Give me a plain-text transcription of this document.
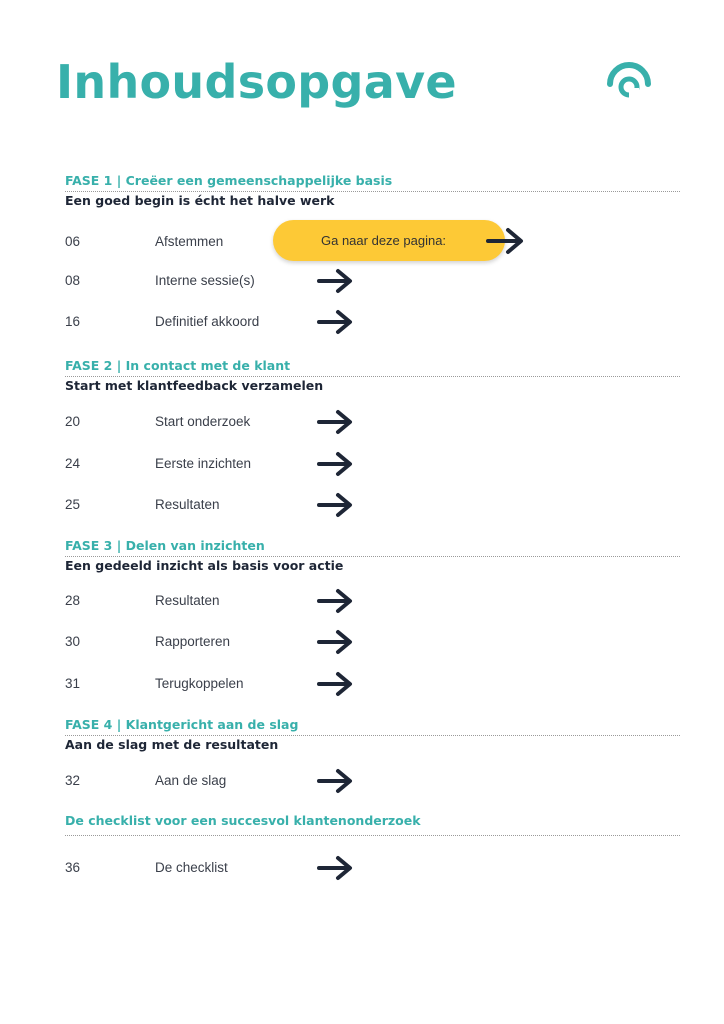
Inhoudsopgave
FASE 1 | Creëer een gemeenschappelijke basis
Een goed begin is écht het halve werk
06	Afstemmen	Ga naar deze pagina:
08	Interne sessie(s)
16	Definitief akkoord
FASE 2 | In contact met de klant
Start met klantfeedback verzamelen
20	Start onderzoek
24	Eerste inzichten
25	Resultaten
FASE 3 | Delen van inzichten
Een gedeeld inzicht als basis voor actie
28	Resultaten
30	Rapporteren
31	Terugkoppelen
FASE 4 | Klantgericht aan de slag
Aan de slag met de resultaten
32	Aan de slag
De checklist voor een succesvol klantenonderzoek
36	De checklist
